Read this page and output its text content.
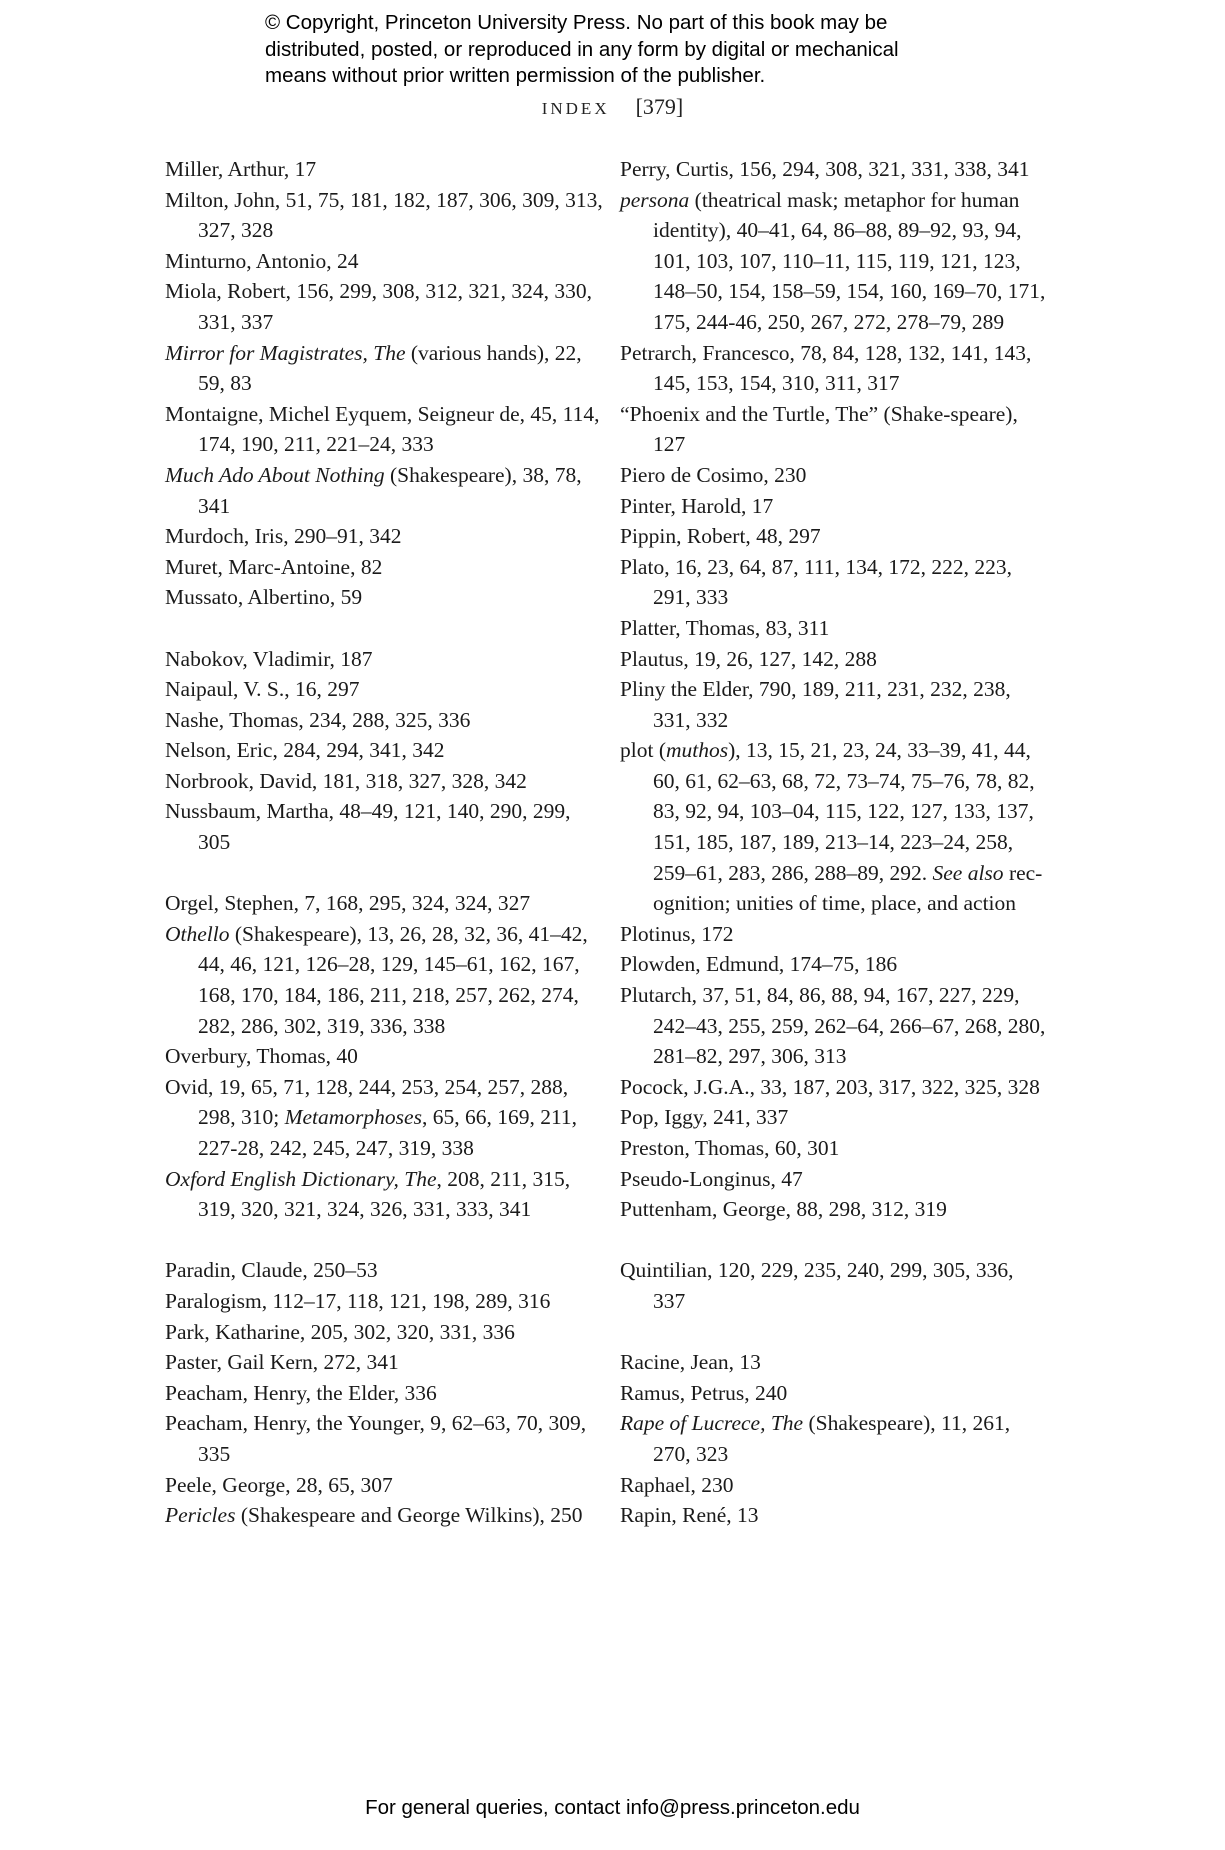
© Copyright, Princeton University Press. No part of this book may be
distributed, posted, or reproduced in any form by digital or mechanical
means without prior written permission of the publisher.
INDEX [379]

Miller, Arthur, 17

Milton, John, 51, 75, 181, 182, 187, 306, 309, 313, 327, 328

Minturno, Antonio, 24

Miola, Robert, 156, 299, 308, 312, 321, 324, 330, 331, 337

Mirror for Magistrates, The (various hands), 22, 59, 83

Montaigne, Michel Eyquem, Seigneur de, 45, 114, 174, 190, 211, 221–24, 333

Much Ado About Nothing (Shakespeare), 38, 78, 341

Murdoch, Iris, 290–91, 342

Muret, Marc-Antoine, 82

Mussato, Albertino, 59

Nabokov, Vladimir, 187

Naipaul, V. S., 16, 297

Nashe, Thomas, 234, 288, 325, 336

Nelson, Eric, 284, 294, 341, 342

Norbrook, David, 181, 318, 327, 328, 342

Nussbaum, Martha, 48–49, 121, 140, 290, 299, 305

Orgel, Stephen, 7, 168, 295, 324, 324, 327

Othello (Shakespeare), 13, 26, 28, 32, 36, 41–42, 44, 46, 121, 126–28, 129, 145–61, 162, 167, 168, 170, 184, 186, 211, 218, 257, 262, 274, 282, 286, 302, 319, 336, 338

Overbury, Thomas, 40

Ovid, 19, 65, 71, 128, 244, 253, 254, 257, 288, 298, 310; Metamorphoses, 65, 66, 169, 211, 227-28, 242, 245, 247, 319, 338

Oxford English Dictionary, The, 208, 211, 315, 319, 320, 321, 324, 326, 331, 333, 341

Paradin, Claude, 250–53

Paralogism, 112–17, 118, 121, 198, 289, 316

Park, Katharine, 205, 302, 320, 331, 336

Paster, Gail Kern, 272, 341

Peacham, Henry, the Elder, 336

Peacham, Henry, the Younger, 9, 62–63, 70, 309, 335

Peele, George, 28, 65, 307

Pericles (Shakespeare and George Wilkins), 250

Perry, Curtis, 156, 294, 308, 321, 331, 338, 341

persona (theatrical mask; metaphor for human identity), 40–41, 64, 86–88, 89–92, 93, 94, 101, 103, 107, 110–11, 115, 119, 121, 123, 148–50, 154, 158–59, 154, 160, 169–70, 171, 175, 244-46, 250, 267, 272, 278–79, 289

Petrarch, Francesco, 78, 84, 128, 132, 141, 143, 145, 153, 154, 310, 311, 317

“Phoenix and the Turtle, The” (Shake-speare), 127

Piero de Cosimo, 230

Pinter, Harold, 17

Pippin, Robert, 48, 297

Plato, 16, 23, 64, 87, 111, 134, 172, 222, 223, 291, 333

Platter, Thomas, 83, 311

Plautus, 19, 26, 127, 142, 288

Pliny the Elder, 790, 189, 211, 231, 232, 238, 331, 332

plot (muthos), 13, 15, 21, 23, 24, 33–39, 41, 44, 60, 61, 62–63, 68, 72, 73–74, 75–76, 78, 82, 83, 92, 94, 103–04, 115, 122, 127, 133, 137, 151, 185, 187, 189, 213–14, 223–24, 258, 259–61, 283, 286, 288–89, 292. See also rec-ognition; unities of time, place, and action

Plotinus, 172

Plowden, Edmund, 174–75, 186

Plutarch, 37, 51, 84, 86, 88, 94, 167, 227, 229, 242–43, 255, 259, 262–64, 266–67, 268, 280, 281–82, 297, 306, 313

Pocock, J.G.A., 33, 187, 203, 317, 322, 325, 328

Pop, Iggy, 241, 337

Preston, Thomas, 60, 301

Pseudo-Longinus, 47

Puttenham, George, 88, 298, 312, 319

Quintilian, 120, 229, 235, 240, 299, 305, 336, 337

Racine, Jean, 13

Ramus, Petrus, 240

Rape of Lucrece, The (Shakespeare), 11, 261, 270, 323

Raphael, 230

Rapin, René, 13

For general queries, contact info@press.princeton.edu
